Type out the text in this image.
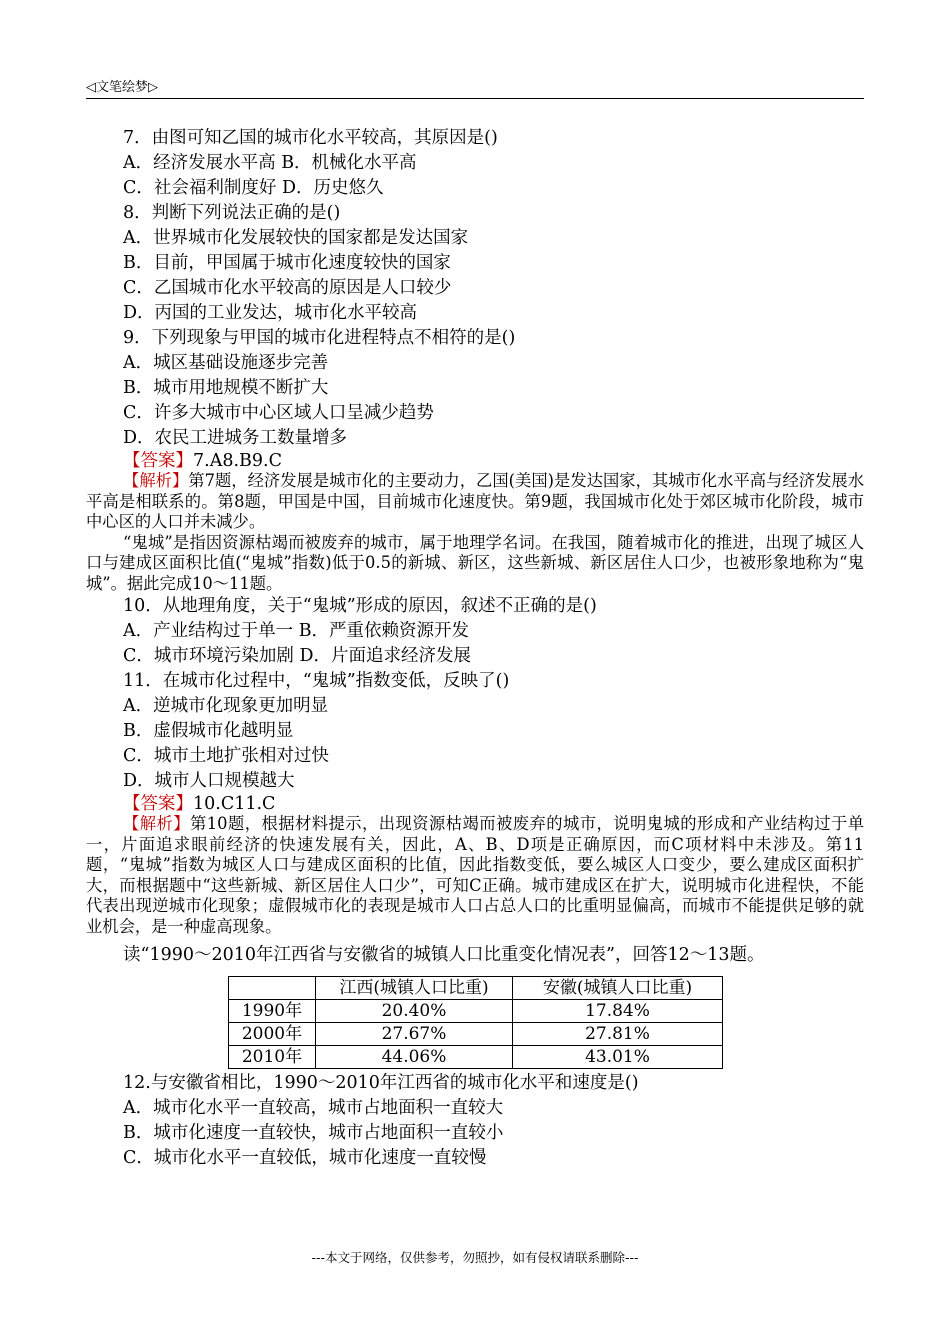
◁文笔绘梦▷
7．由图可知乙国的城市化水平较高，其原因是()
A．经济发展水平高 B．机械化水平高
C．社会福利制度好 D．历史悠久
8．判断下列说法正确的是()
A．世界城市化发展较快的国家都是发达国家
B．目前，甲国属于城市化速度较快的国家
C．乙国城市化水平较高的原因是人口较少
D．丙国的工业发达，城市化水平较高
9．下列现象与甲国的城市化进程特点不相符的是()
A．城区基础设施逐步完善
B．城市用地规模不断扩大
C．许多大城市中心区域人口呈减少趋势
D．农民工进城务工数量增多
【答案】7.A8.B9.C

【解析】第7题，经济发展是城市化的主要动力，乙国(美国)是发达国家，其城市化水平高与经济发展水平高是相联系的。第8题，甲国是中国，目前城市化速度快。第9题，我国城市化处于郊区城市化阶段，城市中心区的人口并未减少。

“鬼城”是指因资源枯竭而被废弃的城市，属于地理学名词。在我国，随着城市化的推进，出现了城区人口与建成区面积比值(“鬼城”指数)低于0.5的新城、新区，这些新城、新区居住人口少，也被形象地称为“鬼城”。据此完成10～11题。

10．从地理角度，关于“鬼城”形成的原因，叙述不正确的是()
A．产业结构过于单一 B．严重依赖资源开发
C．城市环境污染加剧 D．片面追求经济发展
11．在城市化过程中，“鬼城”指数变低，反映了()
A．逆城市化现象更加明显
B．虚假城市化越明显
C．城市土地扩张相对过快
D．城市人口规模越大
【答案】10.C11.C

【解析】第10题，根据材料提示，出现资源枯竭而被废弃的城市，说明鬼城的形成和产业结构过于单一，片面追求眼前经济的快速发展有关，因此，A、B、D项是正确原因，而C项材料中未涉及。第11题，“鬼城”指数为城区人口与建成区面积的比值，因此指数变低，要么城区人口变少，要么建成区面积扩大，而根据题中“这些新城、新区居住人口少”，可知C正确。城市建成区在扩大，说明城市化进程快，不能代表出现逆城市化现象；虚假城市化的表现是城市人口占总人口的比重明显偏高，而城市不能提供足够的就业机会，是一种虚高现象。

读“1990～2010年江西省与安徽省的城镇人口比重变化情况表”，回答12～13题。
	江西(城镇人口比重)	安徽(城镇人口比重)
1990年	20.40%	17.84%
2000年	27.67%	27.81%
2010年	44.06%	43.01%
12.与安徽省相比，1990～2010年江西省的城市化水平和速度是()
A．城市化水平一直较高，城市占地面积一直较大
B．城市化速度一直较快，城市占地面积一直较小
C．城市化水平一直较低，城市化速度一直较慢
---本文于网络，仅供参考，勿照抄，如有侵权请联系删除---
